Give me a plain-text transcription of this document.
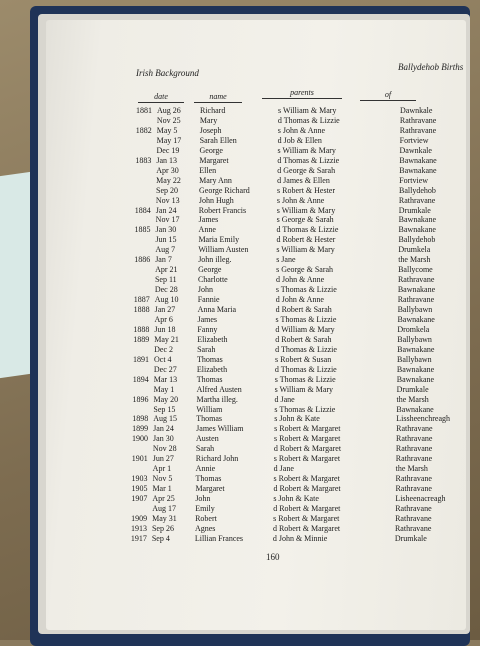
Irish Background
Ballydehob Births
date	name	parents	of
1881 Aug 26	Richard	s William & Mary	Dawnkale
Nov 25	Mary	d Thomas & Lizzie	Rathravane
1882 May 5	Joseph	s John & Anne	Rathravane
May 17	Sarah Ellen	d Job & Ellen	Fortview
Dec 19	George	s William & Mary	Dawnkale
1883 Jan 13	Margaret	d Thomas & Lizzie	Bawnakane
Apr 30	Ellen	d George & Sarah	Bawnakane
May 22	Mary Ann	d James & Ellen	Fortview
Sep 20	George Richard	s Robert & Hester	Ballydehob
Nov 13	John Hugh	s John & Anne	Rathravane
1884 Jan 24	Robert Francis	s William & Mary	Drumkale
Nov 17	James	s George & Sarah	Bawnakane
1885 Jan 30	Anne	d Thomas & Lizzie	Bawnakane
Jun 15	Maria Emily	d Robert & Hester	Ballydehob
Aug 7	William Austen	s William & Mary	Drumkela
1886 Jan 7	John illeg.	s Jane	the Marsh
Apr 21	George	s George & Sarah	Ballycome
Sep 11	Charlotte	d John & Anne	Rathravane
Dec 28	John	s Thomas & Lizzie	Bawnakane
1887 Aug 10	Fannie	d John & Anne	Rathravane
1888 Jan 27	Anna Maria	d Robert & Sarah	Ballybawn
Apr 6	James	s Thomas & Lizzie	Bawnakane
1888 Jun 18	Fanny	d William & Mary	Dromkela
1889 May 21	Elizabeth	d Robert & Sarah	Ballybawn
Dec 2	Sarah	d Thomas & Lizzie	Bawnakane
1891 Oct 4	Thomas	s Robert & Susan	Ballybawn
Dec 27	Elizabeth	d Thomas & Lizzie	Bawnakane
1894 Mar 13	Thomas	s Thomas & Lizzie	Bawnakane
May 1	Alfred Austen	s William & Mary	Drumkale
1896 May 20	Martha illeg.	d Jane	the Marsh
Sep 15	William	s Thomas & Lizzie	Bawnakane
1898 Aug 15	Thomas	s John & Kate	Lissheenchreagh
1899 Jan 24	James William	s Robert & Margaret	Rathravane
1900 Jan 30	Austen	s Robert & Margaret	Rathravane
Nov 28	Sarah	d Robert & Margaret	Rathravane
1901 Jun 27	Richard John	s Robert & Margaret	Rathravane
Apr 1	Annie	d Jane	the Marsh
1903 Nov 5	Thomas	s Robert & Margaret	Rathravane
1905 Mar 1	Margaret	d Robert & Margaret	Rathravane
1907 Apr 25	John	s John & Kate	Lisheenacreagh
Aug 17	Emily	d Robert & Margaret	Rathravane
1909 May 31	Robert	s Robert & Margaret	Rathravane
1913 Sep 26	Agnes	d Robert & Margaret	Rathravane
1917 Sep 4	Lillian Frances	d John & Minnie	Drumkale
160
